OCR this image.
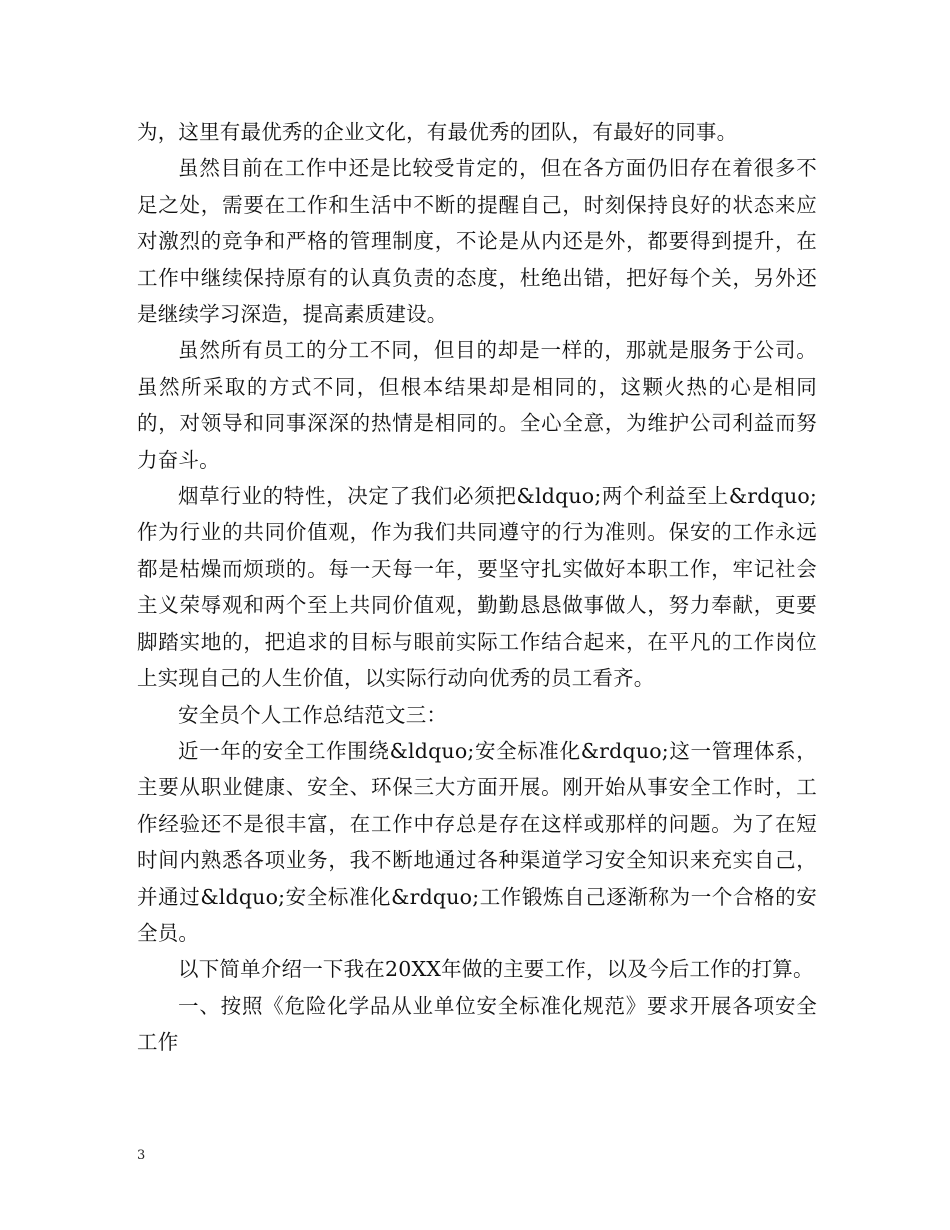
为，这里有最优秀的企业文化，有最优秀的团队，有最好的同事。

虽然目前在工作中还是比较受肯定的，但在各方面仍旧存在着很多不足之处，需要在工作和生活中不断的提醒自己，时刻保持良好的状态来应对激烈的竞争和严格的管理制度，不论是从内还是外，都要得到提升，在工作中继续保持原有的认真负责的态度，杜绝出错，把好每个关，另外还是继续学习深造，提高素质建设。

虽然所有员工的分工不同，但目的却是一样的，那就是服务于公司。虽然所采取的方式不同，但根本结果却是相同的，这颗火热的心是相同的，对领导和同事深深的热情是相同的。全心全意，为维护公司利益而努力奋斗。

烟草行业的特性，决定了我们必须把&ldquo;两个利益至上&rdquo;作为行业的共同价值观，作为我们共同遵守的行为准则。保安的工作永远都是枯燥而烦琐的。每一天每一年，要坚守扎实做好本职工作，牢记社会主义荣辱观和两个至上共同价值观，勤勤恳恳做事做人，努力奉献，更要脚踏实地的，把追求的目标与眼前实际工作结合起来，在平凡的工作岗位上实现自己的人生价值，以实际行动向优秀的员工看齐。

安全员个人工作总结范文三：

近一年的安全工作围绕&ldquo;安全标准化&rdquo;这一管理体系，主要从职业健康、安全、环保三大方面开展。刚开始从事安全工作时，工作经验还不是很丰富，在工作中存总是存在这样或那样的问题。为了在短时间内熟悉各项业务，我不断地通过各种渠道学习安全知识来充实自己，并通过&ldquo;安全标准化&rdquo;工作锻炼自己逐渐称为一个合格的安全员。

以下简单介绍一下我在20XX年做的主要工作，以及今后工作的打算。

一、按照《危险化学品从业单位安全标准化规范》要求开展各项安全工作

3
